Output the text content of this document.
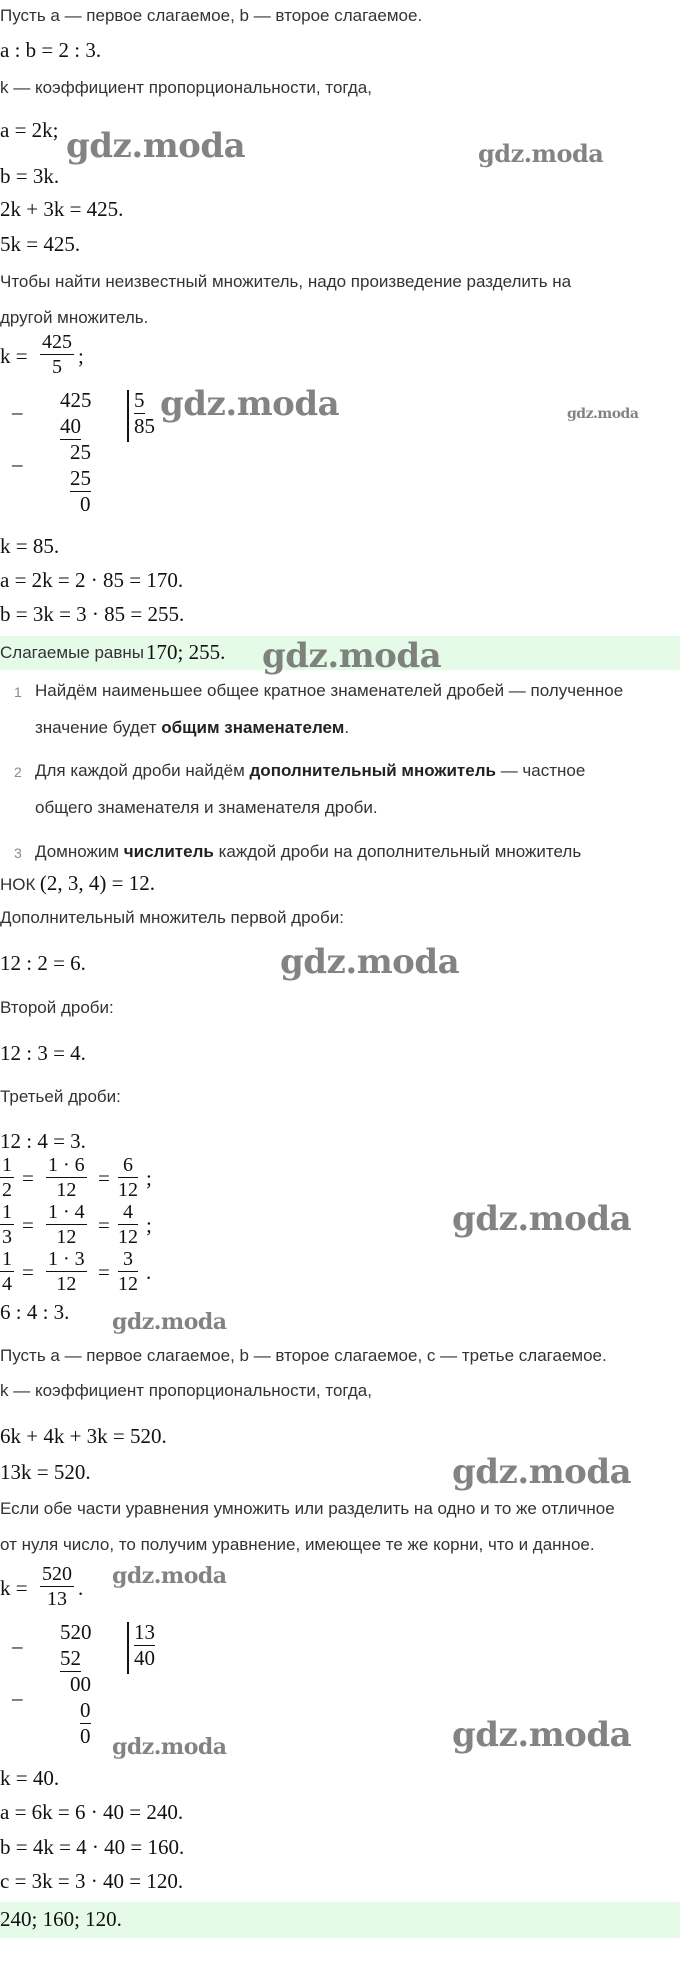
Пусть a — первое слагаемое, b — второе слагаемое.
a : b = 2 : 3.
k — коэффициент пропорциональности, тогда,
a = 2k;
b = 3k.
2k + 3k = 425.
5k = 425.
Чтобы найти неизвестный множитель, надо произведение разделить на
другой множитель.
$k = \frac{425}{5}$ ;
– 425
40
5
85
– 25
25
0
k = 85.
a = 2k = 2 · 85 = 170.
b = 3k = 3 · 85 = 255.
Слагаемые равны 170; 255.
1 Найдём наименьшее общее кратное знаменателей дробей — полученное
значение будет общим знаменателем.
2 Для каждой дроби найдём дополнительный множитель — частное
общего знаменателя и знаменателя дроби.
3 Домножим числитель каждой дроби на дополнительный множитель
НОК (2, 3, 4) = 12.
Дополнительный множитель первой дроби:
12 : 2 = 6.
Второй дроби:
12 : 3 = 4.
Третьей дроби:
12 : 4 = 3.
$\frac{1}{2} = \frac{1 \cdot 6}{12} = \frac{6}{12}$ ;
$\frac{1}{3} = \frac{1 \cdot 4}{12} = \frac{4}{12}$ ;
$\frac{1}{4} = \frac{1 \cdot 3}{12} = \frac{3}{12}$ .
6 : 4 : 3.
Пусть a — первое слагаемое, b — второе слагаемое, c — третье слагаемое.
k — коэффициент пропорциональности, тогда,
6k + 4k + 3k = 520.
13k = 520.
Если обе части уравнения умножить или разделить на одно и то же отличное
от нуля число, то получим уравнение, имеющее те же корни, что и данное.
$k = \frac{520}{13}$ .
–
520
52
13
40
–
00
0
0
k = 40.
a = 6k = 6 · 40 = 240.
b = 4k = 4 · 40 = 160.
c = 3k = 3 · 40 = 120.
240; 160; 120.
gdz.moda	gdz.moda
gdz.moda	gdz.moda
gdz.moda
gdz.moda
gdz.moda
gdz.moda
gdz.moda
gdz.moda
gdz.moda
gdz.moda
